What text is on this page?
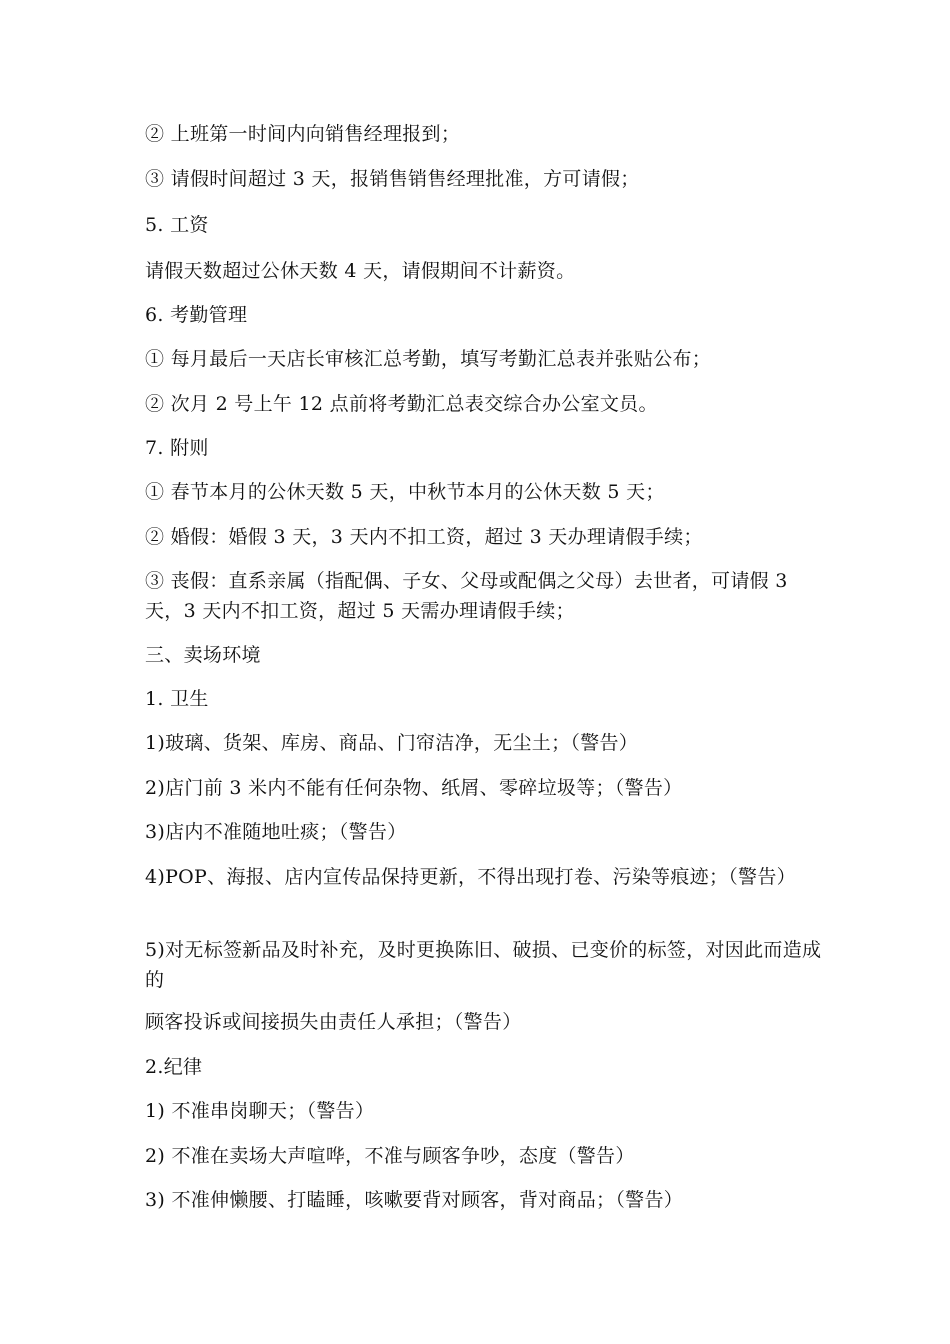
② 上班第一时间内向销售经理报到；
③ 请假时间超过 3 天，报销售销售经理批准，方可请假；
5. 工资
请假天数超过公休天数 4 天，请假期间不计薪资。
6. 考勤管理
① 每月最后一天店长审核汇总考勤，填写考勤汇总表并张贴公布；
② 次月 2 号上午 12 点前将考勤汇总表交综合办公室文员。
7. 附则
① 春节本月的公休天数 5 天，中秋节本月的公休天数 5 天；
② 婚假：婚假 3 天，3 天内不扣工资，超过 3 天办理请假手续；
③ 丧假：直系亲属（指配偶、子女、父母或配偶之父母）去世者，可请假 3 天，3 天内不扣工资，超过 5 天需办理请假手续；
三、卖场环境
1. 卫生
1)玻璃、货架、库房、商品、门帘洁净，无尘土；（警告）
2)店门前 3 米内不能有任何杂物、纸屑、零碎垃圾等；（警告）
3)店内不准随地吐痰；（警告）
4)POP、海报、店内宣传品保持更新，不得出现打卷、污染等痕迹；（警告）
5)对无标签新品及时补充，及时更换陈旧、破损、已变价的标签，对因此而造成的
顾客投诉或间接损失由责任人承担；（警告）
2.纪律
1) 不准串岗聊天；（警告）
2) 不准在卖场大声喧哗，不准与顾客争吵，态度（警告）
3) 不准伸懒腰、打瞌睡，咳嗽要背对顾客，背对商品；（警告）
